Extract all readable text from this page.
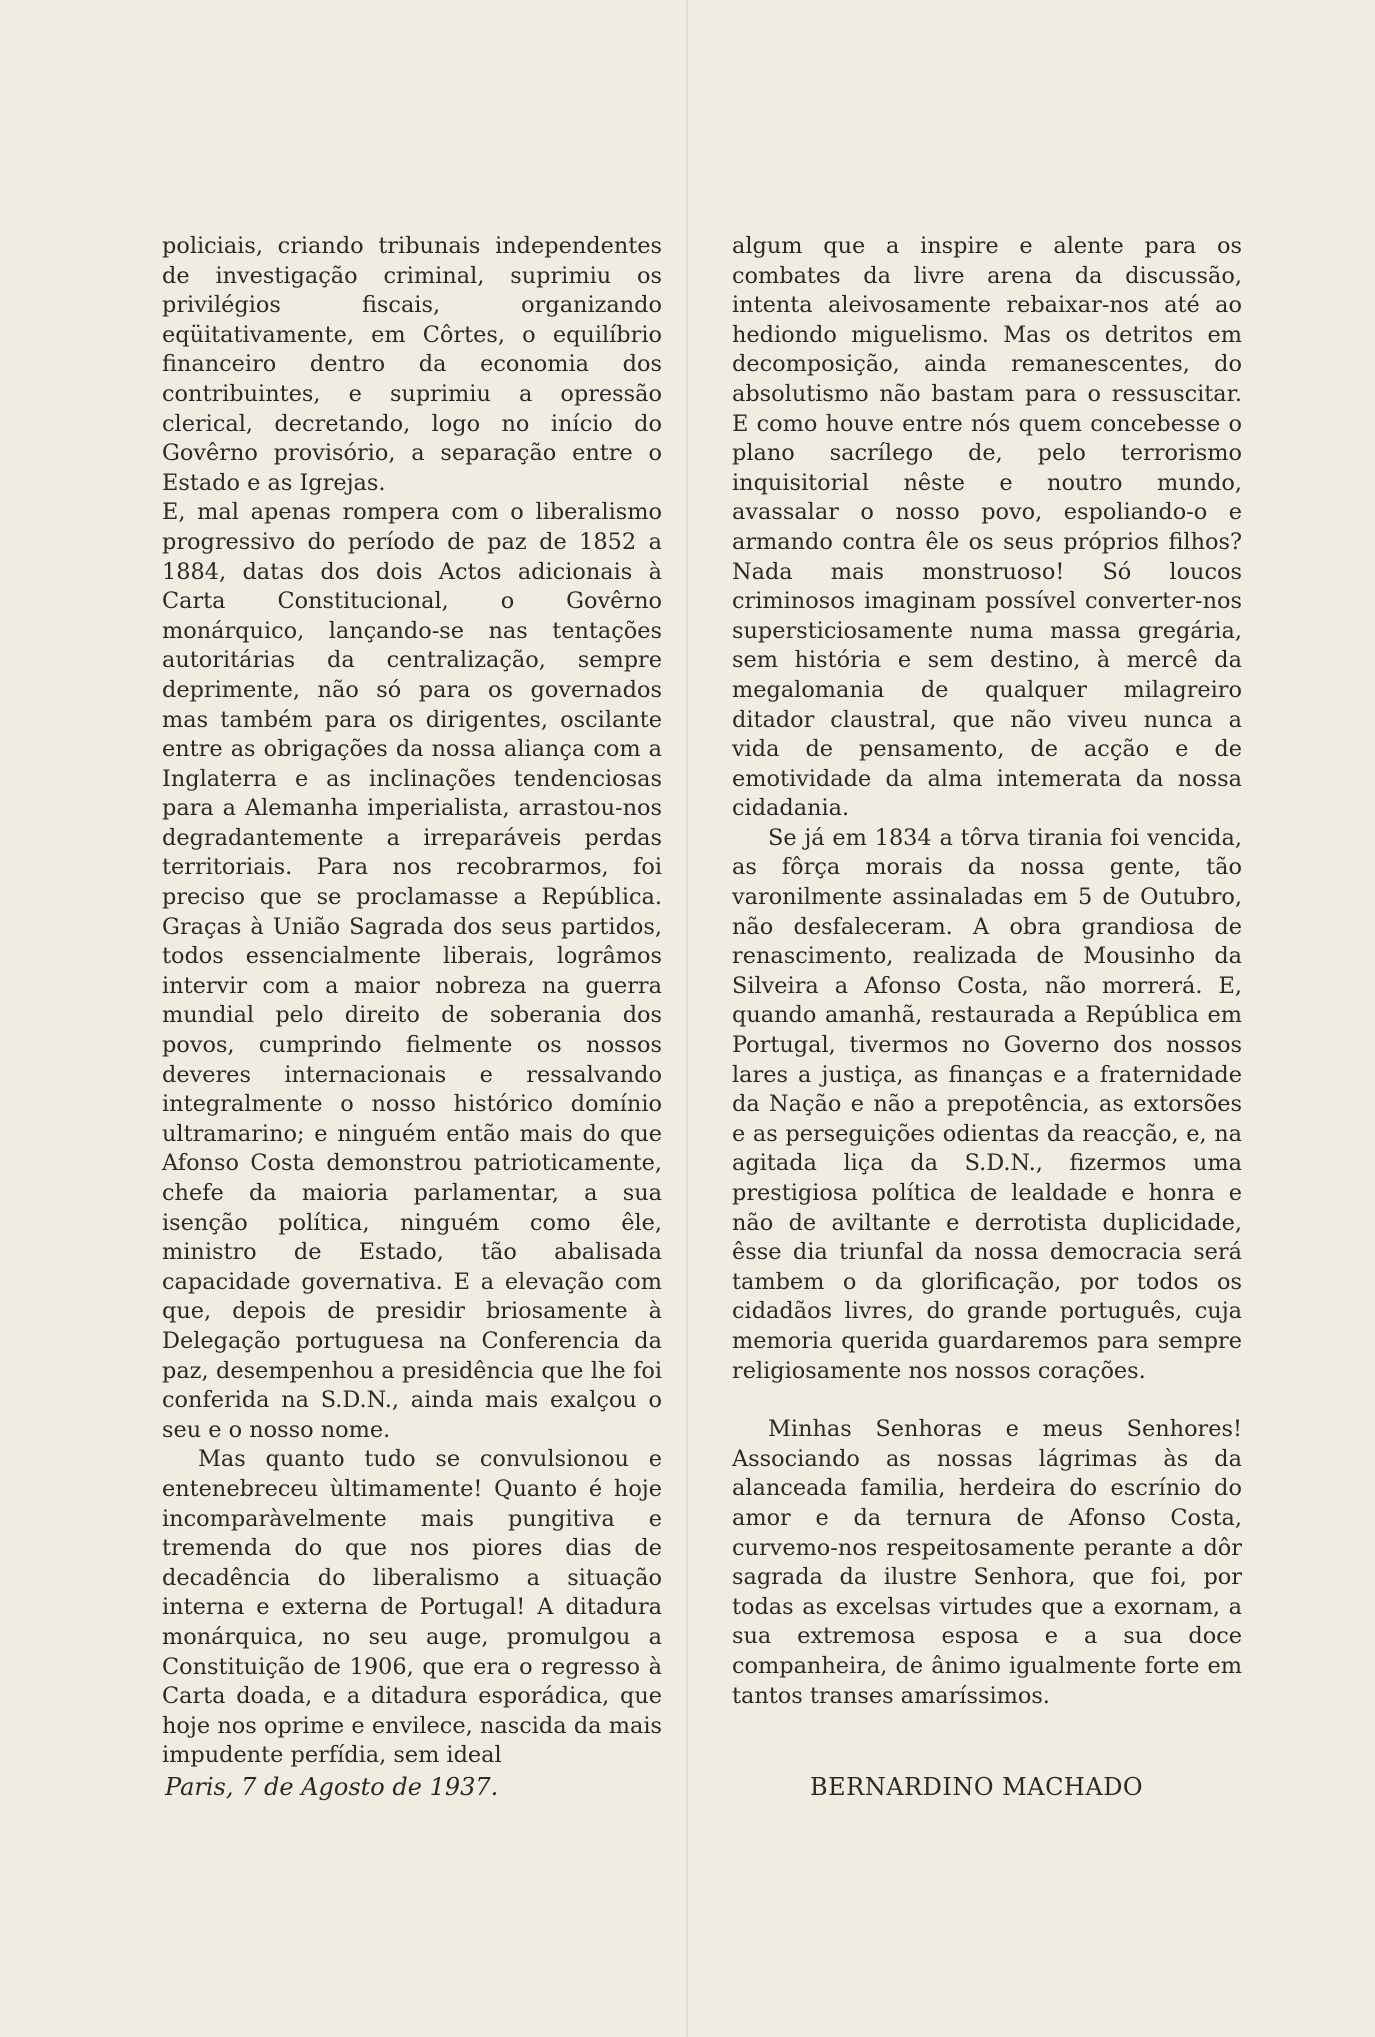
policiais, criando tribunais independentes de investigação criminal, suprimiu os privilégios fiscais, organizando eqüitativamente, em Côrtes, o equilíbrio financeiro dentro da economia dos contribuintes, e suprimiu a opressão clerical, decretando, logo no início do Govêrno provisório, a separação entre o Estado e as Igrejas.

E, mal apenas rompera com o liberalismo progressivo do período de paz de 1852 a 1884, datas dos dois Actos adicionais à Carta Constitucional, o Govêrno monárquico, lançando-se nas tentações autoritárias da centralização, sempre deprimente, não só para os governados mas também para os dirigentes, oscilante entre as obrigações da nossa aliança com a Inglaterra e as inclinações tendenciosas para a Alemanha imperialista, arrastou-nos degradantemente a irreparáveis perdas territoriais. Para nos recobrarmos, foi preciso que se proclamasse a República. Graças à União Sagrada dos seus partidos, todos essencialmente liberais, logrâmos intervir com a maior nobreza na guerra mundial pelo direito de soberania dos povos, cumprindo fielmente os nossos deveres internacionais e ressalvando integralmente o nosso histórico domínio ultramarino; e ninguém então mais do que Afonso Costa demonstrou patrioticamente, chefe da maioria parlamentar, a sua isenção política, ninguém como êle, ministro de Estado, tão abalisada capacidade governativa. E a elevação com que, depois de presidir briosamente à Delegação portuguesa na Conferencia da paz, desempenhou a presidência que lhe foi conferida na S.D.N., ainda mais exalçou o seu e o nosso nome.

Mas quanto tudo se convulsionou e entenebreceu ùltimamente! Quanto é hoje incomparàvelmente mais pungitiva e tremenda do que nos piores dias de decadência do liberalismo a situação interna e externa de Portugal! A ditadura monárquica, no seu auge, promulgou a Constituição de 1906, que era o regresso à Carta doada, e a ditadura esporádica, que hoje nos oprime e envilece, nascida da mais impudente perfídia, sem ideal

algum que a inspire e alente para os combates da livre arena da discussão, intenta aleivosamente rebaixar-nos até ao hediondo miguelismo. Mas os detritos em decomposição, ainda remanescentes, do absolutismo não bastam para o ressuscitar. E como houve entre nós quem concebesse o plano sacrílego de, pelo terrorismo inquisitorial nêste e noutro mundo, avassalar o nosso povo, espoliando-o e armando contra êle os seus próprios filhos? Nada mais monstruoso! Só loucos criminosos imaginam possível converter-nos supersticiosamente numa massa gregária, sem história e sem destino, à mercê da megalomania de qualquer milagreiro ditador claustral, que não viveu nunca a vida de pensamento, de acção e de emotividade da alma intemerata da nossa cidadania.

Se já em 1834 a tôrva tirania foi vencida, as fôrça morais da nossa gente, tão varonilmente assinaladas em 5 de Outubro, não desfaleceram. A obra grandiosa de renascimento, realizada de Mousinho da Silveira a Afonso Costa, não morrerá. E, quando amanhã, restaurada a República em Portugal, tivermos no Governo dos nossos lares a justiça, as finanças e a fraternidade da Nação e não a prepotência, as extorsões e as perseguições odientas da reacção, e, na agitada liça da S.D.N., fizermos uma prestigiosa política de lealdade e honra e não de aviltante e derrotista duplicidade, êsse dia triunfal da nossa democracia será tambem o da glorificação, por todos os cidadãos livres, do grande português, cuja memoria querida guardaremos para sempre religiosamente nos nossos corações.

Minhas Senhoras e meus Senhores! Associando as nossas lágrimas às da alanceada familia, herdeira do escrínio do amor e da ternura de Afonso Costa, curvemo-nos respeitosamente perante a dôr sagrada da ilustre Senhora, que foi, por todas as excelsas virtudes que a exornam, a sua extremosa esposa e a sua doce companheira, de ânimo igualmente forte em tantos transes amaríssimos.

Paris, 7 de Agosto de 1937.	BERNARDINO MACHADO
